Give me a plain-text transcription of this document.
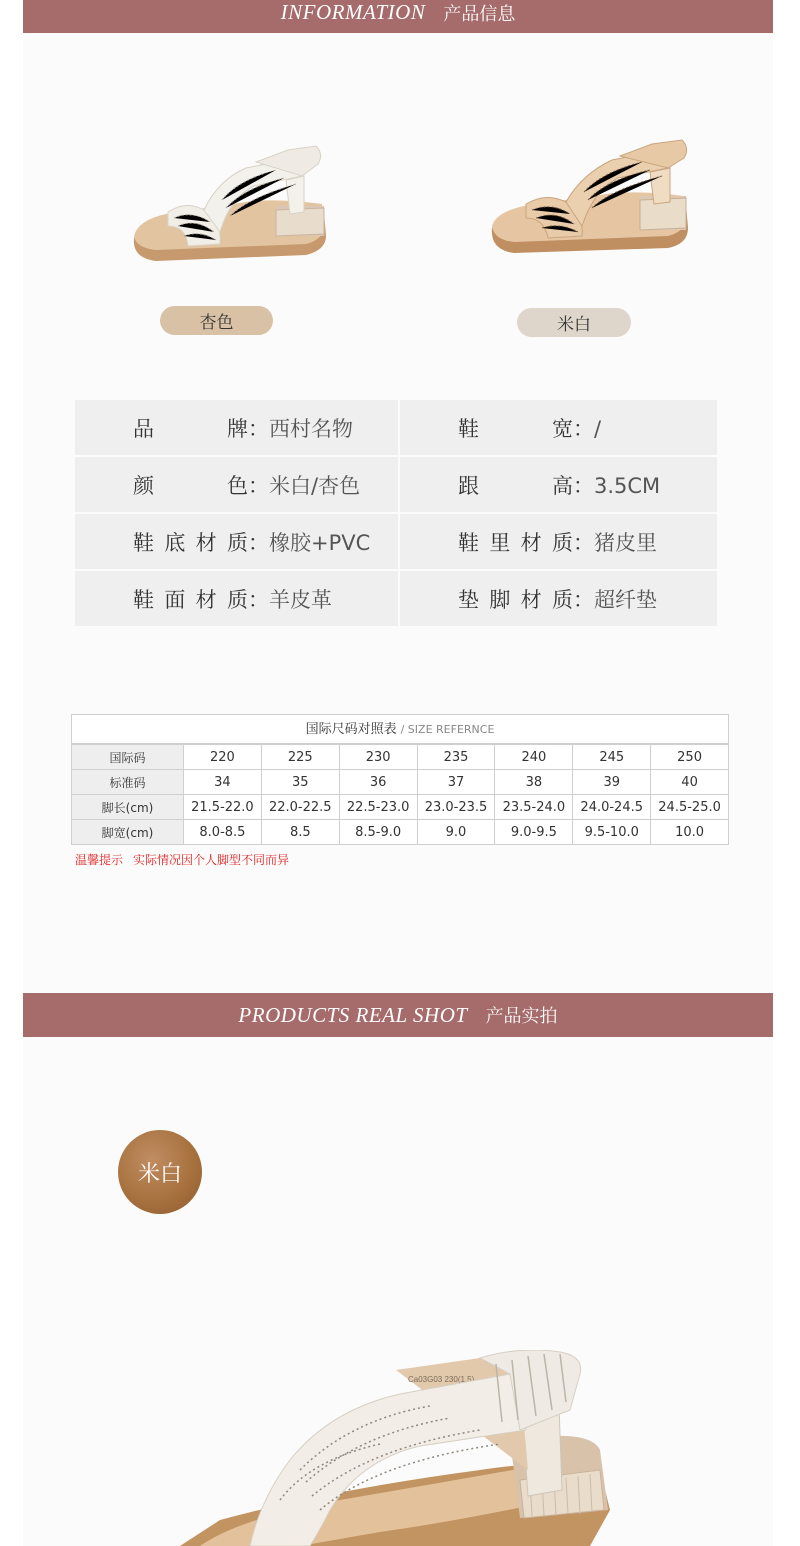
INFORMATION 产品信息
杏色	米白
品牌：西村名物	鞋宽：/
颜色：米白/杏色	跟高：3.5CM
鞋底材质：橡胶+PVC	鞋里材质：猪皮里
鞋面材质：羊皮革	垫脚材质：超纤垫
国际尺码对照表 / SIZE REFERNCE
国际码	220	225	230	235	240	245	250
标准码	34	35	36	37	38	39	40
脚长(cm)	21.5-22.0	22.0-22.5	22.5-23.0	23.0-23.5	23.5-24.0	24.0-24.5	24.5-25.0
脚宽(cm)	8.0-8.5	8.5	8.5-9.0	9.0	9.0-9.5	9.5-10.0	10.0
温馨提示 实际情况因个人脚型不同而异
PRODUCTS REAL SHOT 产品实拍
米白
Ca03G03 230(1.5)
